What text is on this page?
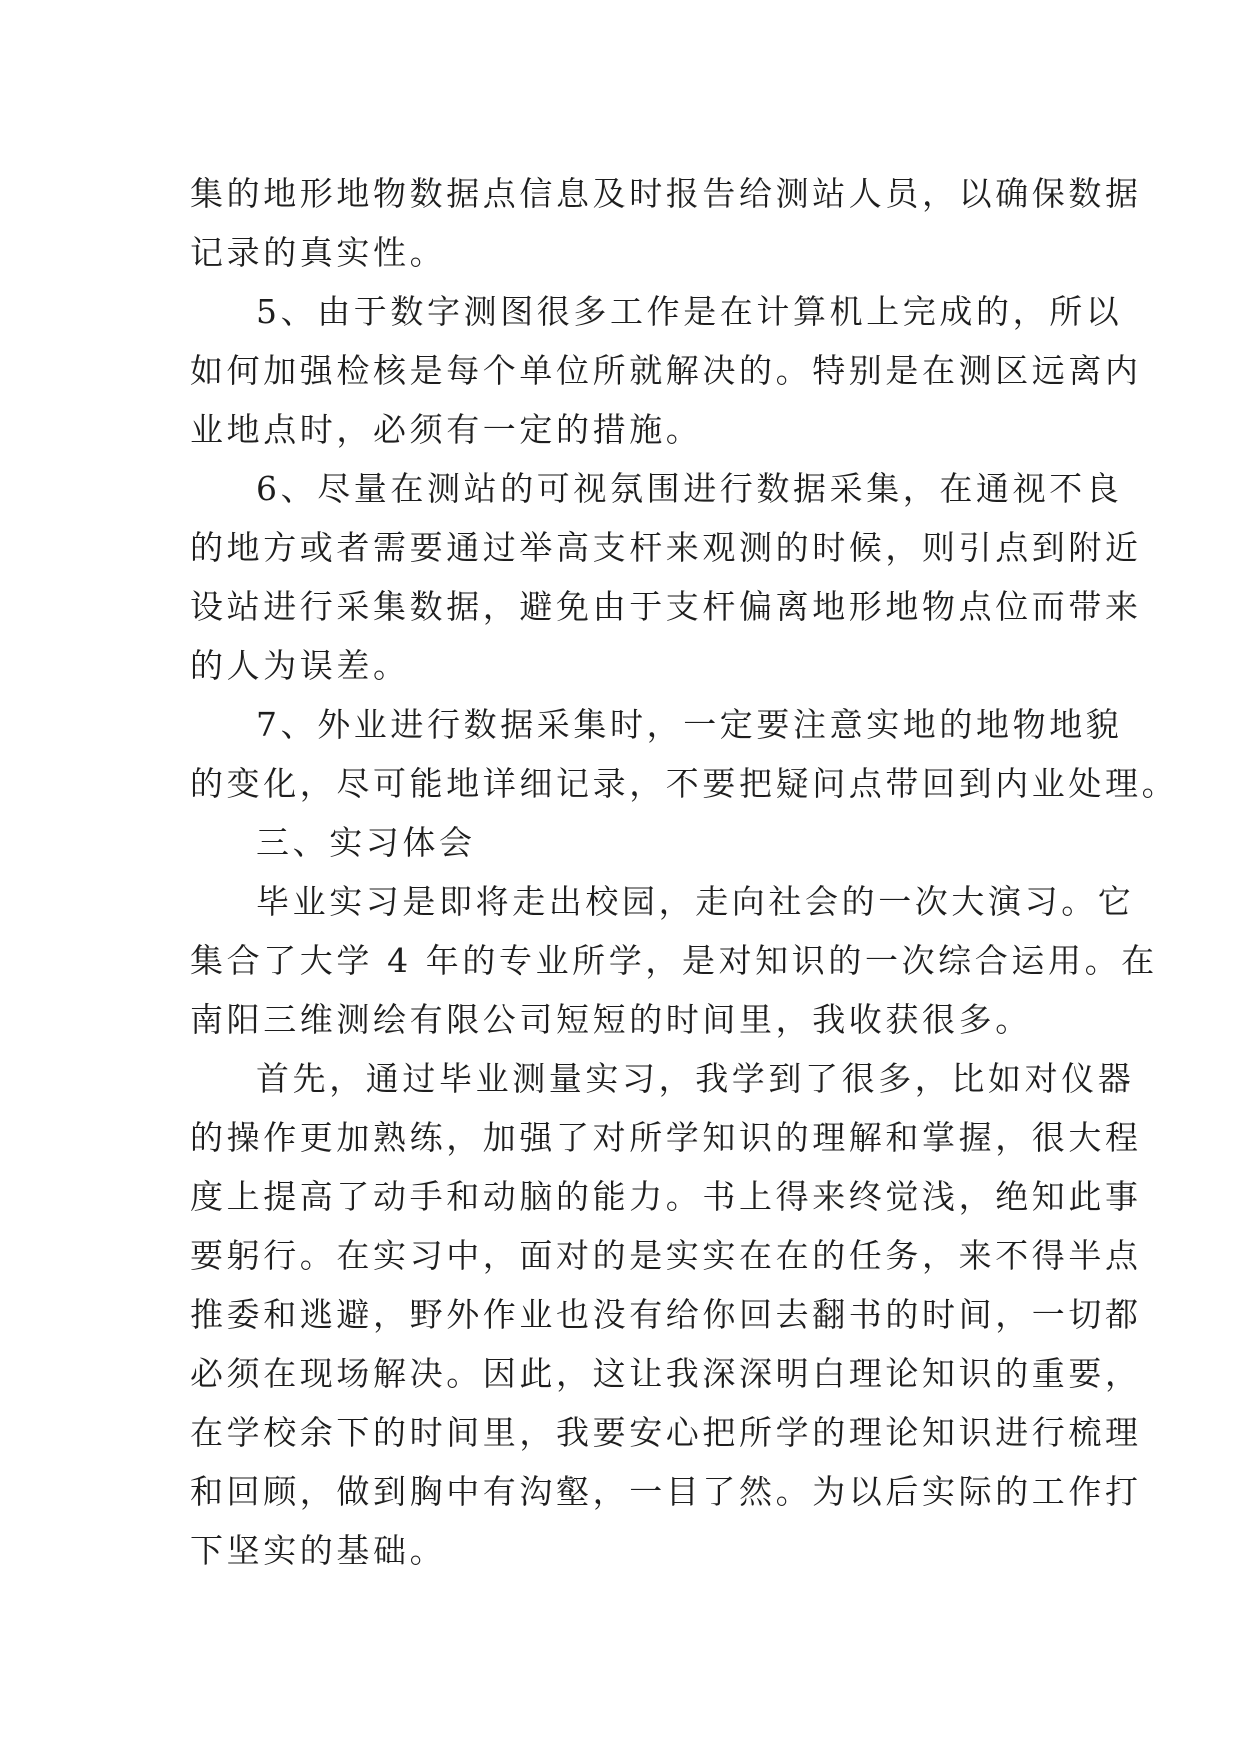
集的地形地物数据点信息及时报告给测站人员，以确保数据
记录的真实性。
5、由于数字测图很多工作是在计算机上完成的，所以
如何加强检核是每个单位所就解决的。特别是在测区远离内
业地点时，必须有一定的措施。
6、尽量在测站的可视氛围进行数据采集，在通视不良
的地方或者需要通过举高支杆来观测的时候，则引点到附近
设站进行采集数据，避免由于支杆偏离地形地物点位而带来
的人为误差。
7、外业进行数据采集时，一定要注意实地的地物地貌
的变化，尽可能地详细记录，不要把疑问点带回到内业处理。
三、实习体会
毕业实习是即将走出校园，走向社会的一次大演习。它
集合了大学 4 年的专业所学，是对知识的一次综合运用。在
南阳三维测绘有限公司短短的时间里，我收获很多。
首先，通过毕业测量实习，我学到了很多，比如对仪器
的操作更加熟练，加强了对所学知识的理解和掌握，很大程
度上提高了动手和动脑的能力。书上得来终觉浅，绝知此事
要躬行。在实习中，面对的是实实在在的任务，来不得半点
推委和逃避，野外作业也没有给你回去翻书的时间，一切都
必须在现场解决。因此，这让我深深明白理论知识的重要，
在学校余下的时间里，我要安心把所学的理论知识进行梳理
和回顾，做到胸中有沟壑，一目了然。为以后实际的工作打
下坚实的基础。
